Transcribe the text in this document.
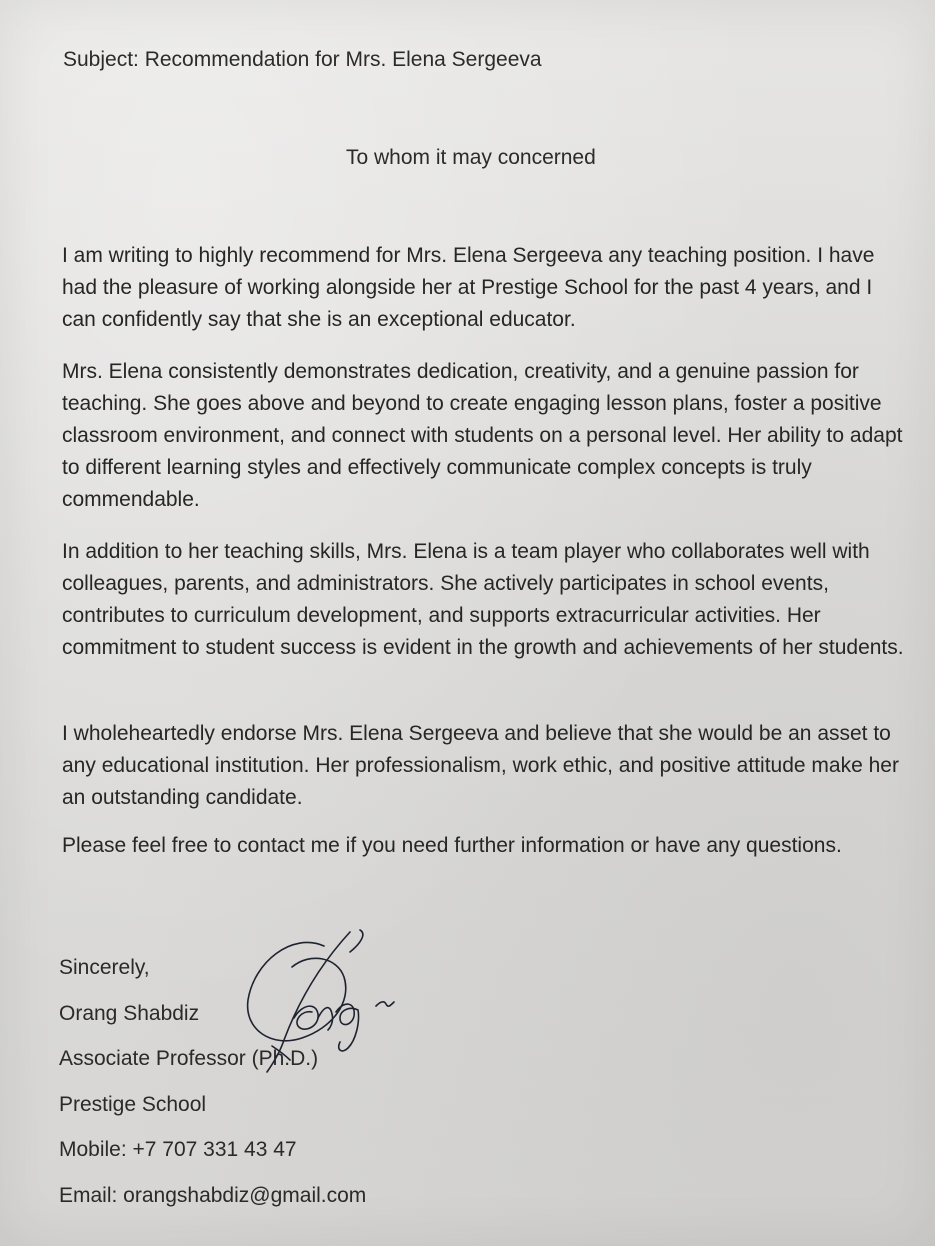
Subject: Recommendation for Mrs. Elena Sergeeva
To whom it may concerned
I am writing to highly recommend for Mrs. Elena Sergeeva any teaching position. I have had the pleasure of working alongside her at Prestige School for the past 4 years, and I can confidently say that she is an exceptional educator.
Mrs. Elena consistently demonstrates dedication, creativity, and a genuine passion for teaching. She goes above and beyond to create engaging lesson plans, foster a positive classroom environment, and connect with students on a personal level. Her ability to adapt to different learning styles and effectively communicate complex concepts is truly commendable.
In addition to her teaching skills, Mrs. Elena is a team player who collaborates well with colleagues, parents, and administrators. She actively participates in school events, contributes to curriculum development, and supports extracurricular activities. Her commitment to student success is evident in the growth and achievements of her students.
I wholeheartedly endorse Mrs. Elena Sergeeva and believe that she would be an asset to any educational institution. Her professionalism, work ethic, and positive attitude make her an outstanding candidate.
Please feel free to contact me if you need further information or have any questions.
Sincerely,
Orang Shabdiz
Associate Professor (Ph.D.)
Prestige School
Mobile: +7 707 331 43 47
Email: orangshabdiz@gmail.com
